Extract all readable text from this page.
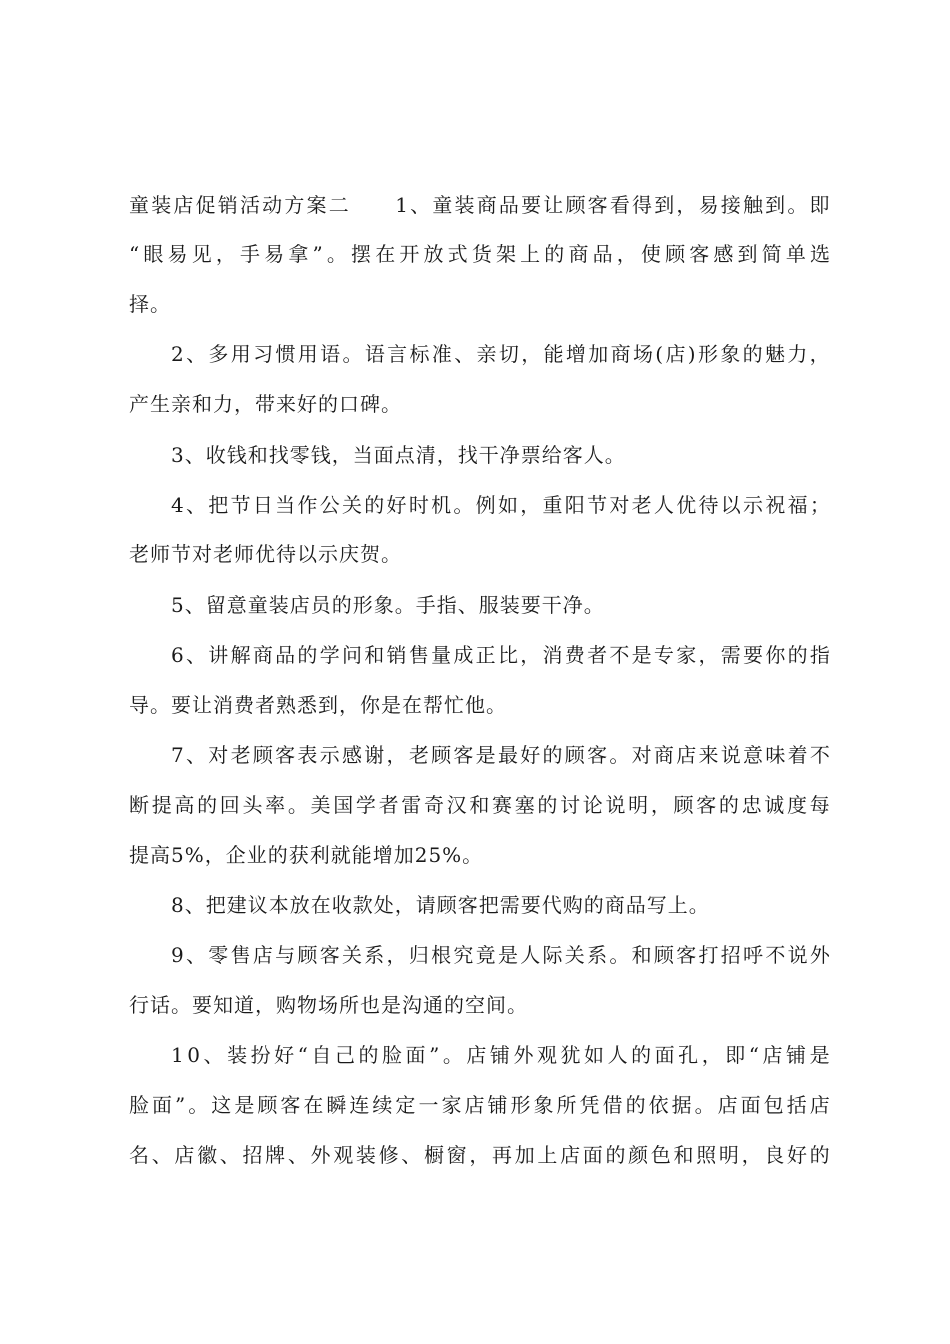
童 装 店 促 销 活 动 方 案 二

　 1 、 童 装 商 品 要 让 顾 客 看 得 到 ， 易 接 触 到 。 即
“ 眼 易 见 ， 手 易 拿 ” 。 摆 在 开 放 式 货 架 上 的 商 品 ， 使 顾 客 感 到 简 单 选
择。
2 、 多 用 习 惯 用 语 。 语 言 标 准 、 亲 切 ， 能 增 加 商 场 ( 店 ) 形 象 的 魅 力 ，
产生亲和力，带来好的口碑。
3、收钱和找零钱，当面点清，找干净票给客人。
4 、 把 节 日 当 作 公 关 的 好 时 机 。 例 如 ， 重 阳 节 对 老 人 优 待 以 示 祝 福 ；
老师节对老师优待以示庆贺。
5、留意童装店员的形象。手指、服装要干净。
6 、 讲 解 商 品 的 学 问 和 销 售 量 成 正 比 ， 消 费 者 不 是 专 家 ， 需 要 你 的 指
导。要让消费者熟悉到，你是在帮忙他。
7 、 对 老 顾 客 表 示 感 谢 ， 老 顾 客 是 最 好 的 顾 客 。 对 商 店 来 说 意 味 着 不
断 提 高 的 回 头 率 。 美 国 学 者 雷 奇 汉 和 赛 塞 的 讨 论 说 明 ， 顾 客 的 忠 诚 度 每
提高5%，企业的获利就能增加25%。
8、把建议本放在收款处，请顾客把需要代购的商品写上。
9 、 零 售 店 与 顾 客 关 系 ， 归 根 究 竟 是 人 际 关 系 。 和 顾 客 打 招 呼 不 说 外
行话。要知道，购物场所也是沟通的空间。
1 0 、 装 扮 好 “ 自 己 的 脸 面 ” 。 店 铺 外 观 犹 如 人 的 面 孔 ， 即 “ 店 铺 是
脸 面 ” 。 这 是 顾 客 在 瞬 连 续 定 一 家 店 铺 形 象 所 凭 借 的 依 据 。 店 面 包 括 店
名 、 店 徽 、 招 牌 、 外 观 装 修 、 橱 窗 ， 再 加 上 店 面 的 颜 色 和 照 明 ， 良 好 的
